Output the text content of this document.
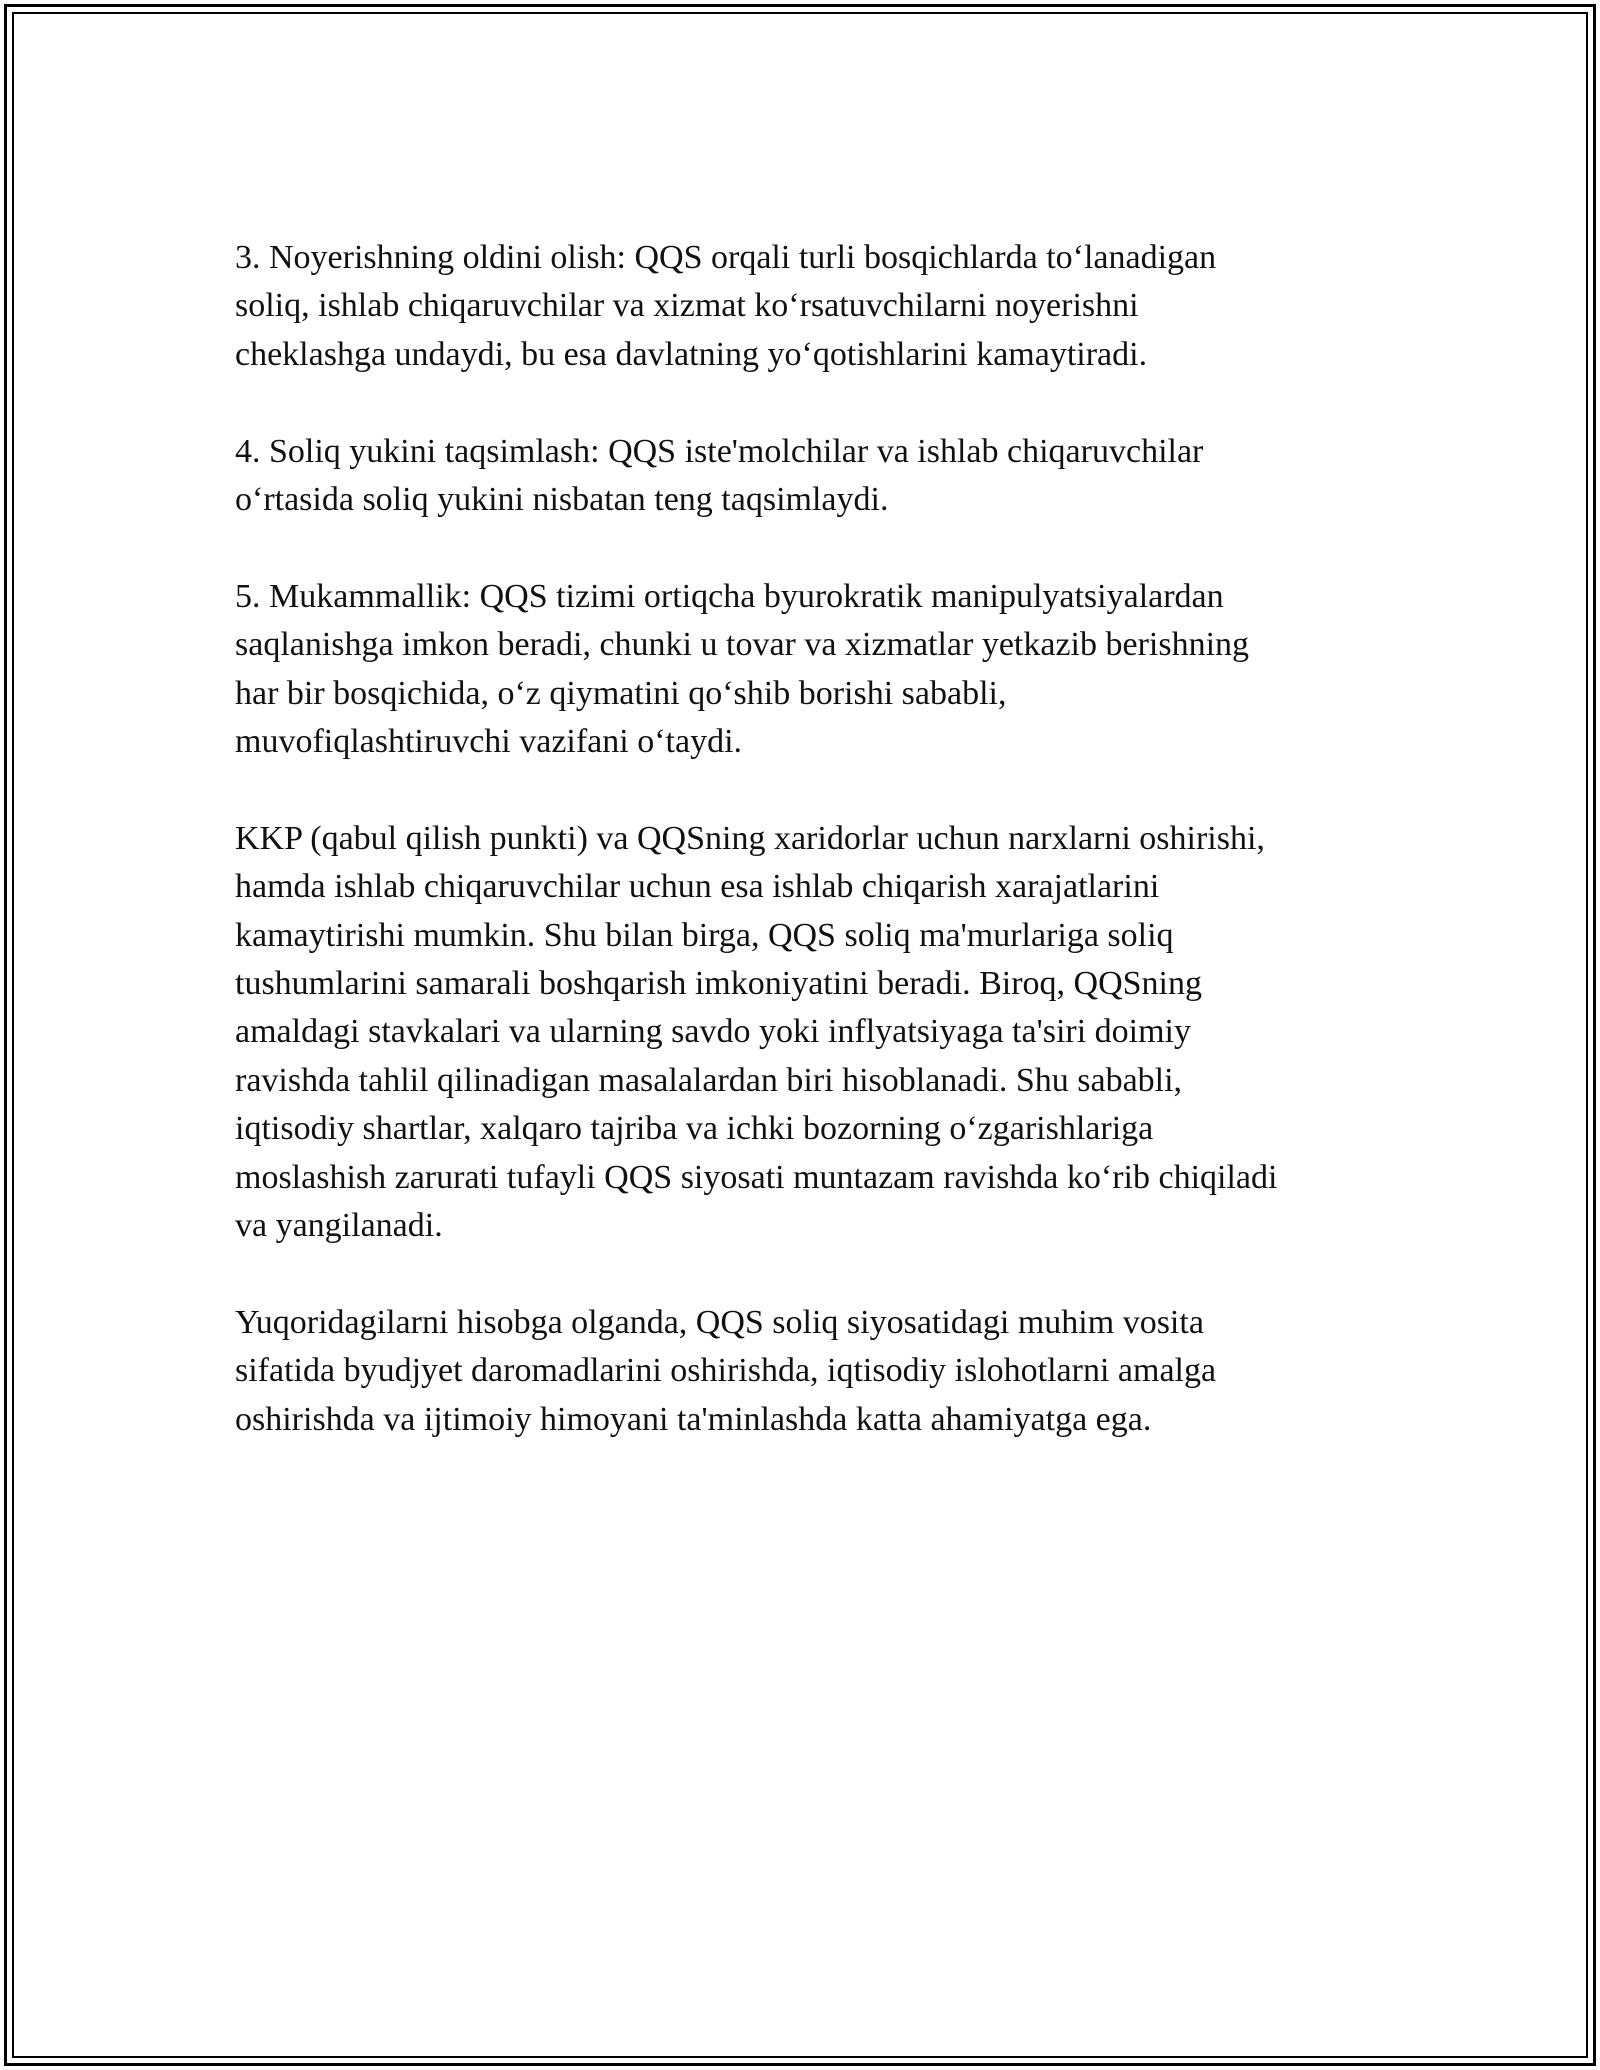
3. Noyerishning oldini olish: QQS orqali turli bosqichlarda to‘lanadigan
soliq, ishlab chiqaruvchilar va xizmat ko‘rsatuvchilarni noyerishni
cheklashga undaydi, bu esa davlatning yo‘qotishlarini kamaytiradi.

4. Soliq yukini taqsimlash: QQS iste'molchilar va ishlab chiqaruvchilar
o‘rtasida soliq yukini nisbatan teng taqsimlaydi.

5. Mukammallik: QQS tizimi ortiqcha byurokratik manipulyatsiyalardan
saqlanishga imkon beradi, chunki u tovar va xizmatlar yetkazib berishning
har bir bosqichida, o‘z qiymatini qo‘shib borishi sababli,
muvofiqlashtiruvchi vazifani o‘taydi.

KKP (qabul qilish punkti) va QQSning xaridorlar uchun narxlarni oshirishi,
hamda ishlab chiqaruvchilar uchun esa ishlab chiqarish xarajatlarini
kamaytirishi mumkin. Shu bilan birga, QQS soliq ma'murlariga soliq
tushumlarini samarali boshqarish imkoniyatini beradi. Biroq, QQSning
amaldagi stavkalari va ularning savdo yoki inflyatsiyaga ta'siri doimiy
ravishda tahlil qilinadigan masalalardan biri hisoblanadi. Shu sababli,
iqtisodiy shartlar, xalqaro tajriba va ichki bozorning o‘zgarishlariga
moslashish zarurati tufayli QQS siyosati muntazam ravishda ko‘rib chiqiladi
va yangilanadi.

Yuqoridagilarni hisobga olganda, QQS soliq siyosatidagi muhim vosita
sifatida byudjyet daromadlarini oshirishda, iqtisodiy islohotlarni amalga
oshirishda va ijtimoiy himoyani ta'minlashda katta ahamiyatga ega.
